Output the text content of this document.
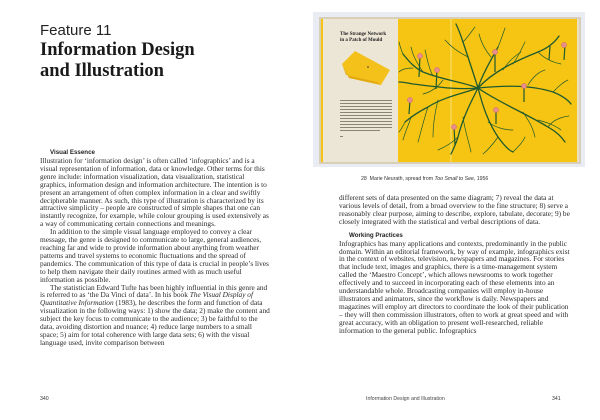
Feature 11
Information Design
and Illustration
Visual Essence

Illustration for ‘information design’ is often called ‘infographics’ and is a visual representation of information, data or knowledge. Other terms for this genre include: information visualization, data visualization, statistical graphics, information design and information architecture. The intention is to present an arrangement of often complex information in a clear and swiftly decipherable manner. As such, this type of illustration is characterized by its attractive simplicity – people are constructed of simple shapes that one can instantly recognize, for example, while colour grouping is used extensively as a way of communicating certain connections and meanings.

In addition to the simple visual language employed to convey a clear message, the genre is designed to communicate to large, general audiences, reaching far and wide to provide information about anything from weather patterns and travel systems to economic fluctuations and the spread of pandemics. The communication of this type of data is crucial in people’s lives to help them navigate their daily routines armed with as much useful information as possible.

The statistician Edward Tufte has been highly influential in this genre and is referred to as ‘the Da Vinci of data’. In his book The Visual Display of Quantitative Information (1983), he describes the form and function of data visualization in the following ways: 1) show the data; 2) make the content and subject the key focus to communicate to the audience; 3) be faithful to the data, avoiding distortion and nuance; 4) reduce large numbers to a small space; 5) aim for total coherence with large data sets; 6) with the visual language used, invite comparison between

340
The Strange Network
in a Patch of Mould
28 Marie Neurath, spread from Too Small to See, 1956

different sets of data presented on the same diagram; 7) reveal the data at various levels of detail, from a broad overview to the fine structure; 8) serve a reasonably clear purpose, aiming to describe, explore, tabulate, decorate; 9) be closely integrated with the statistical and verbal descriptions of data.

Working Practices

Infographics has many applications and contexts, predominantly in the public domain. Within an editorial framework, by way of example, infographics exist in the context of websites, television, newspapers and magazines. For stories that include text, images and graphics, there is a time-management system called the ‘Maestro Concept’, which allows newsrooms to work together effectively and to succeed in incorporating each of these elements into an understandable whole. Broadcasting companies will employ in-house illustrators and animators, since the workflow is daily. Newspapers and magazines will employ art directors to coordinate the look of their publication – they will then commission illustrators, often to work at great speed and with great accuracy, with an obligation to present well-researched, reliable information to the general public. Infographics

Information Design and Illustration	341
